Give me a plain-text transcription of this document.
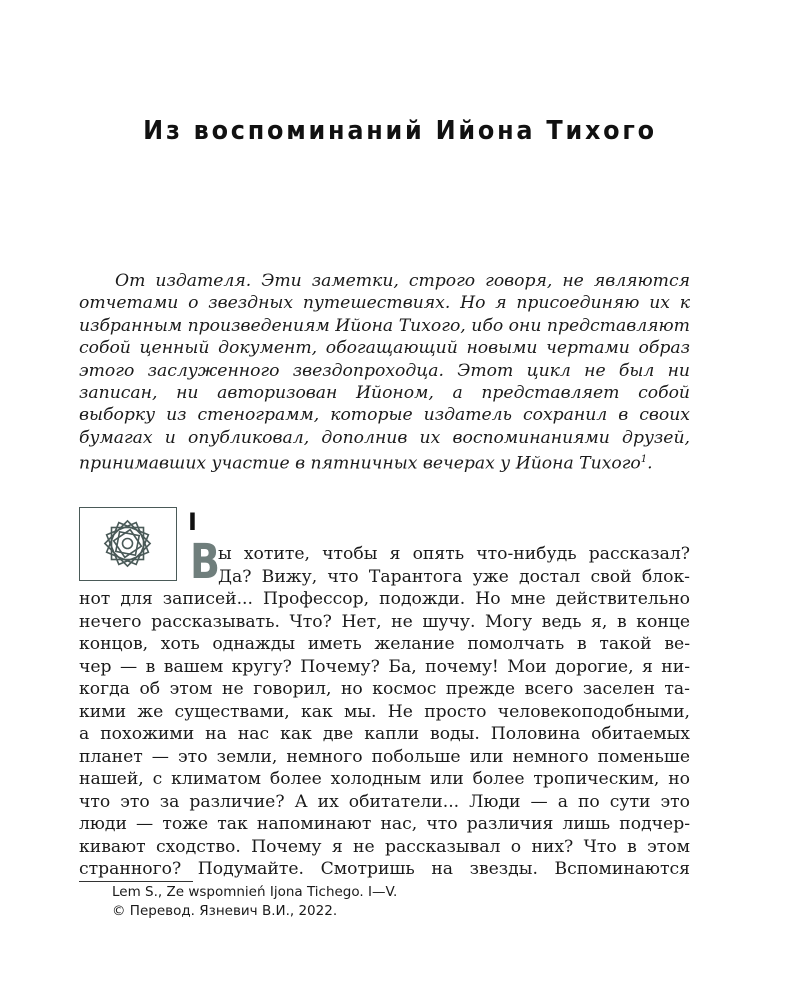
Из воспоминаний Ийона Тихого

От издателя. Эти заметки, строго говоря, не являются отчетами о звездных путешествиях. Но я присоединяю их к избранным произведениям Ийона Тихого, ибо они представляют собой ценный документ, обогащающий новыми чертами образ этого заслуженного звездопроходца. Этот цикл не был ни записан, ни авторизован Ийоном, а представляет собой выборку из стенограмм, которые издатель сохранил в своих бумагах и опубликовал, дополнив их воспоминаниями друзей, принимавших участие в пятничных вечерах у Ийона Тихого$^1$.

I
В
ы хотите, чтобы я опять что-нибудь рассказал?
Да? Вижу, что Тарантога уже достал свой блок-
нот для записей... Профессор, подожди. Но мне действительно
нечего рассказывать. Что? Нет, не шучу. Могу ведь я, в конце
концов, хоть однажды иметь желание помолчать в такой ве-
чер — в вашем кругу? Почему? Ба, почему! Мои дорогие, я ни-
когда об этом не говорил, но космос прежде всего заселен та-
кими же существами, как мы. Не просто человекоподобными,
а похожими на нас как две капли воды. Половина обитаемых
планет — это земли, немного побольше или немного поменьше
нашей, с климатом более холодным или более тропическим, но
что это за различие? А их обитатели... Люди — а по сути это
люди — тоже так напоминают нас, что различия лишь подчер-
кивают сходство. Почему я не рассказывал о них? Что в этом
странного? Подумайте. Смотришь на звезды. Вспоминаются
Lem S., Ze wspomnień Ijona Tichego. I—V.
© Перевод. Язневич В.И., 2022.
